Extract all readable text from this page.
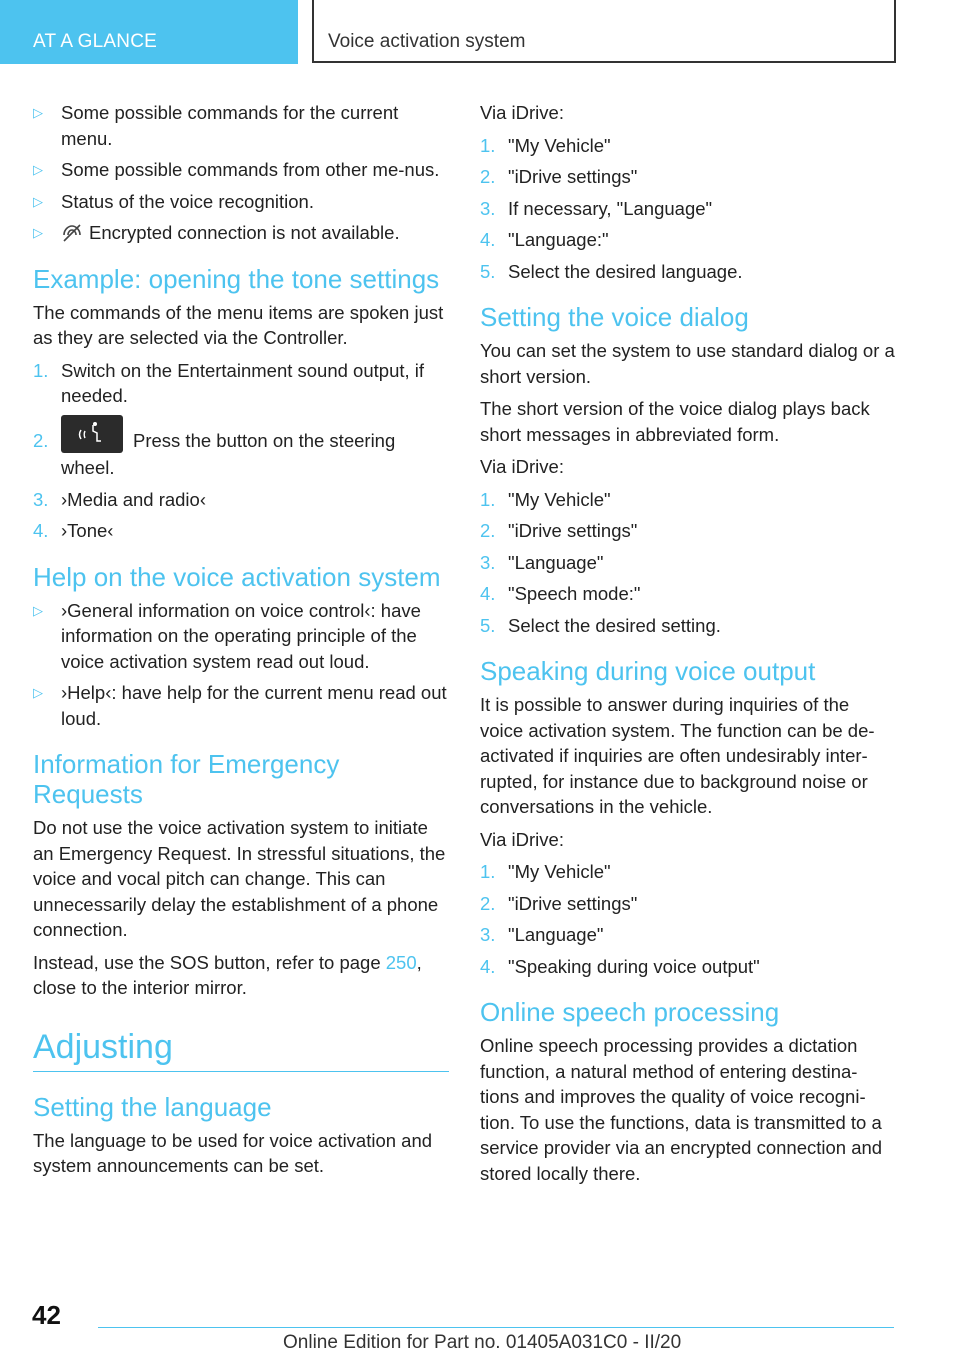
AT A GLANCE	Voice activation system
▷ Some possible commands for the current menu.
▷ Some possible commands from other me‐nus.
▷ Status of the voice recognition.
▷ Encrypted connection is not available.
Example: opening the tone settings

The commands of the menu items are spoken just as they are selected via the Controller.

1. Switch on the Entertainment sound output, if needed.
2.	Press the button on the steering wheel.
3. ›Media and radio‹
4. ›Tone‹
Help on the voice activation system
▷ ›General information on voice control‹: have information on the operating principle of the voice activation system read out loud.
▷ ›Help‹: have help for the current menu read out loud.
Information for Emergency Requests

Do not use the voice activation system to initiate an Emergency Request. In stressful situations, the voice and vocal pitch can change. This can unnecessarily delay the establishment of a phone connection.

Instead, use the SOS button, refer to page 250, close to the interior mirror.

Adjusting
Setting the language

The language to be used for voice activation and system announcements can be set.

Via iDrive:

1. "My Vehicle"
2. "iDrive settings"
3. If necessary, "Language"
4. "Language:"
5. Select the desired language.
Setting the voice dialog

You can set the system to use standard dialog or a short version.

The short version of the voice dialog plays back short messages in abbreviated form.

Via iDrive:

1. "My Vehicle"
2. "iDrive settings"
3. "Language"
4. "Speech mode:"
5. Select the desired setting.
Speaking during voice output

It is possible to answer during inquiries of the voice activation system. The function can be de‐activated if inquiries are often undesirably inter‐rupted, for instance due to background noise or conversations in the vehicle.

Via iDrive:

1. "My Vehicle"
2. "iDrive settings"
3. "Language"
4. "Speaking during voice output"
Online speech processing

Online speech processing provides a dictation function, a natural method of entering destina‐tions and improves the quality of voice recogni‐tion. To use the functions, data is transmitted to a service provider via an encrypted connection and stored locally there.

42
Online Edition for Part no. 01405A031C0 - II/20
